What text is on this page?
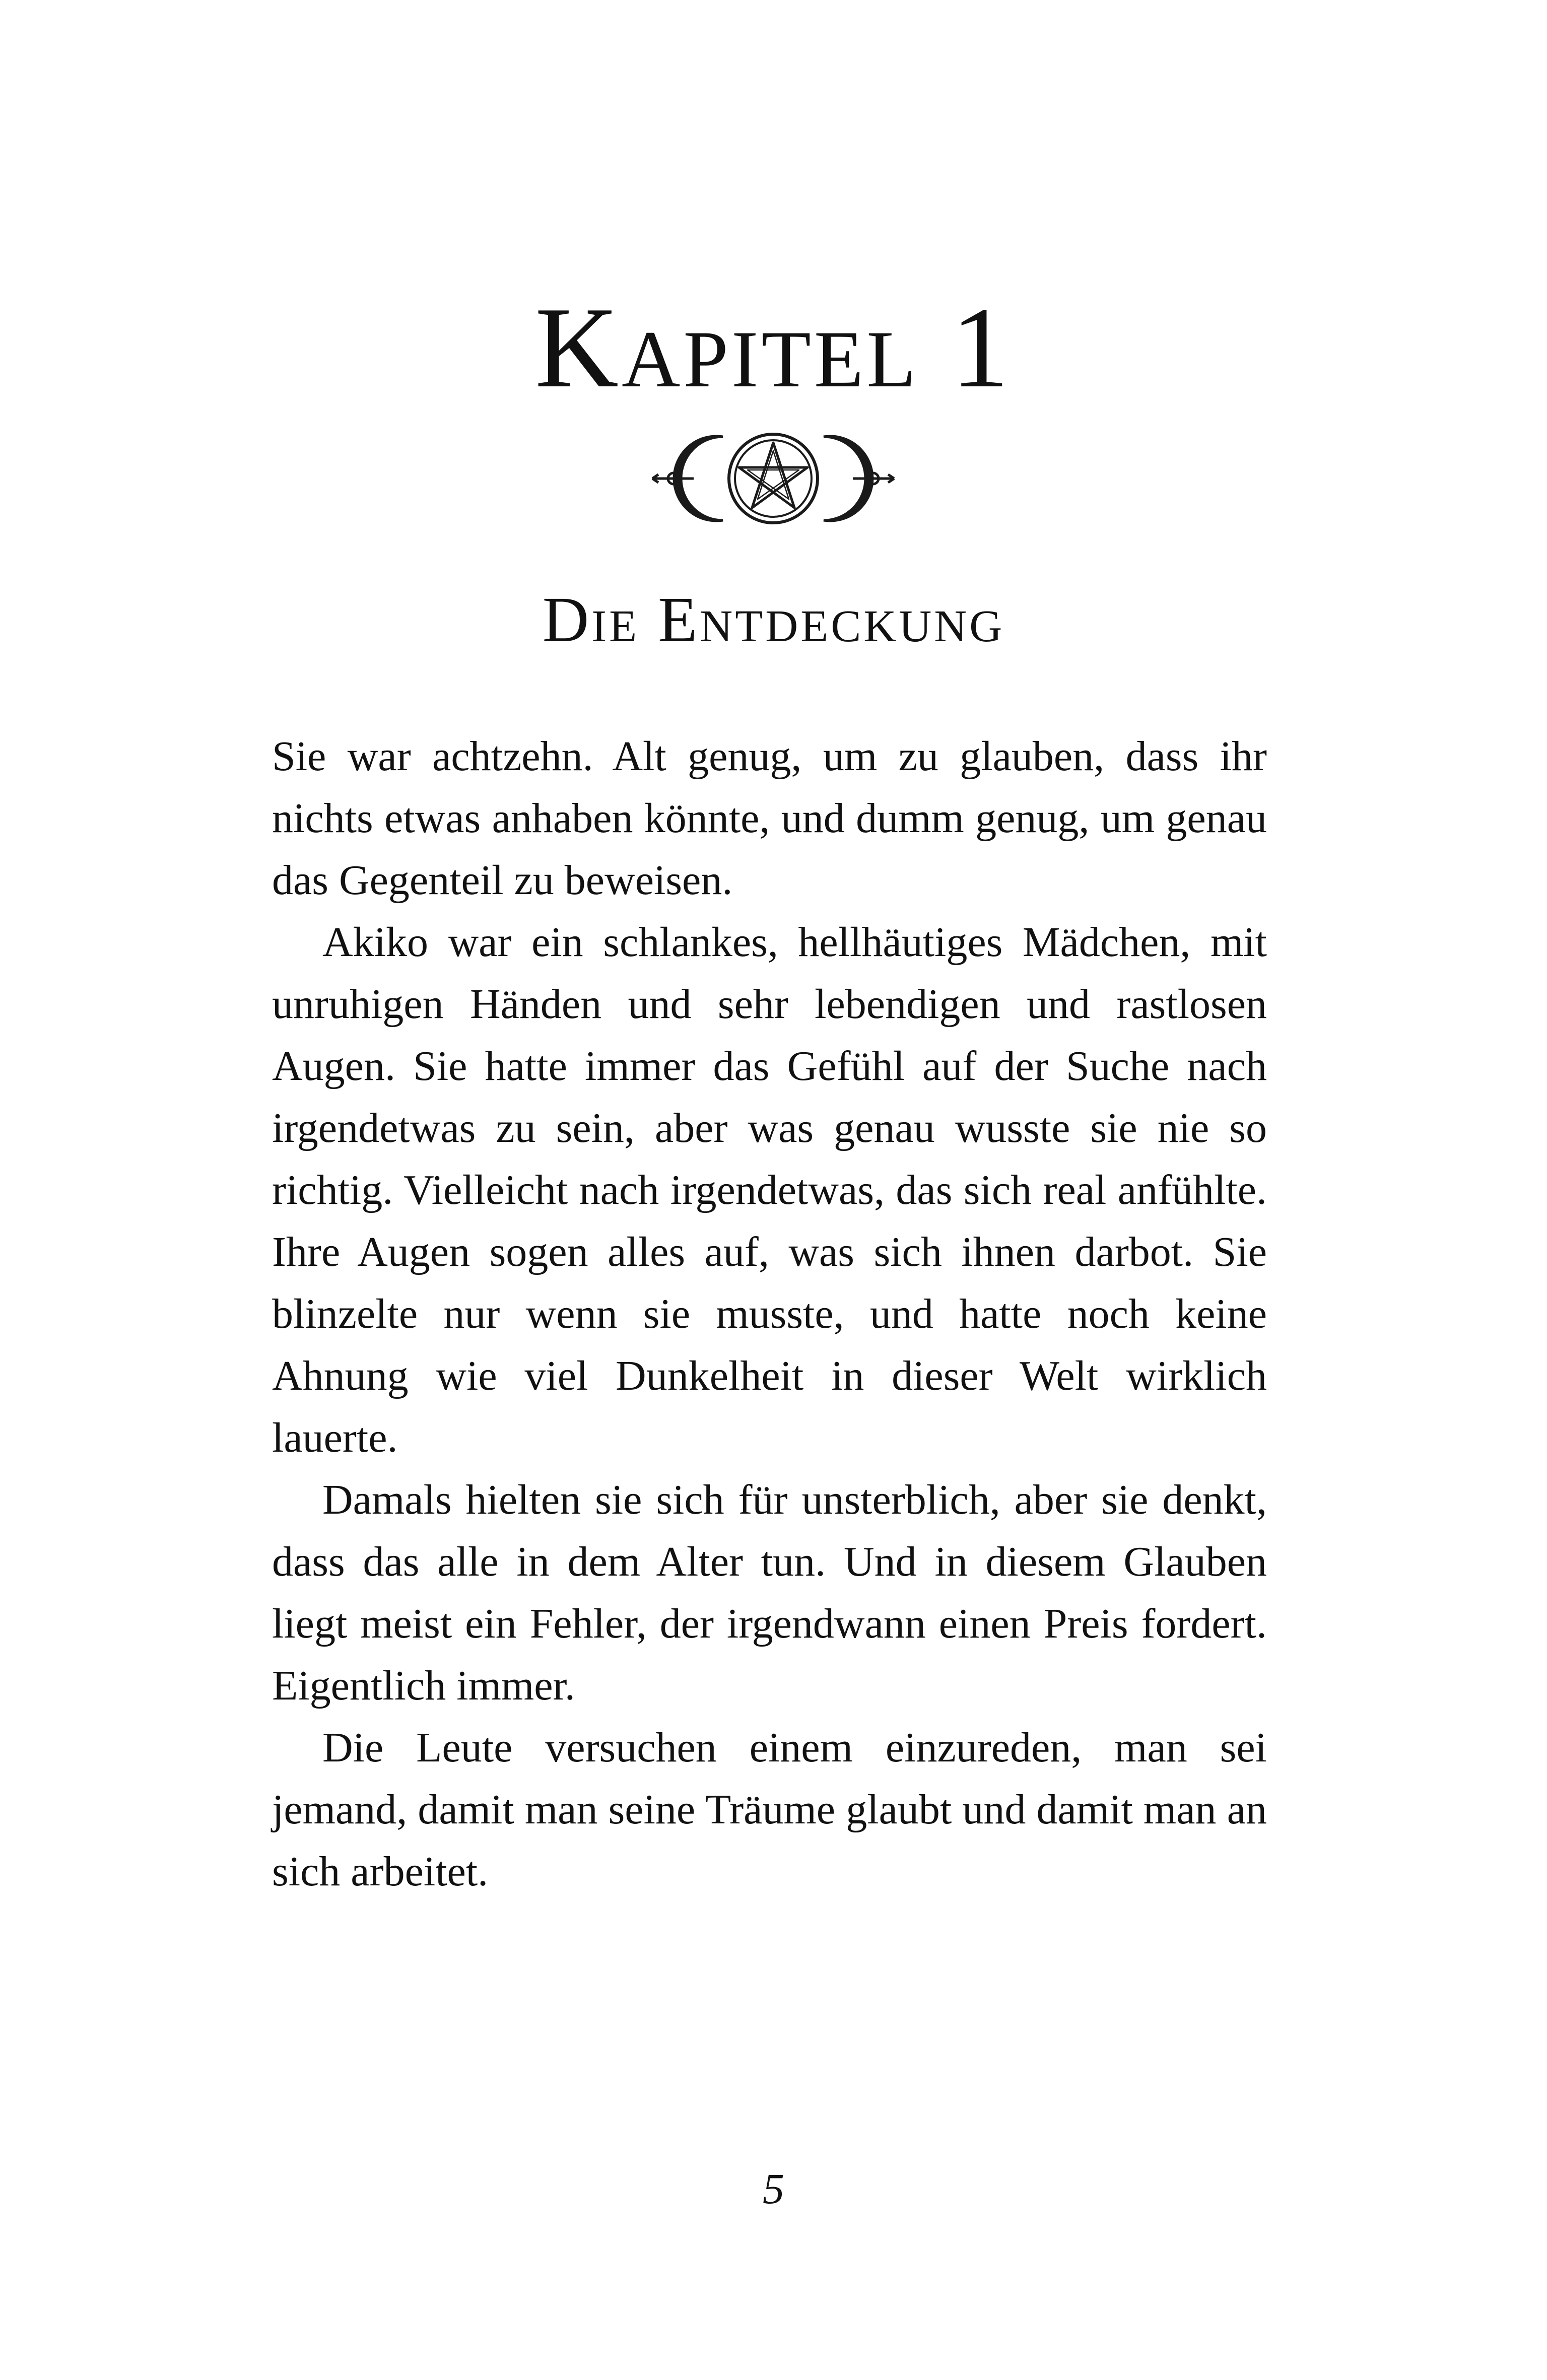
Kapitel 1
Die Entdeckung

Sie war achtzehn. Alt genug, um zu glauben, dass ihr nichts etwas anhaben könnte, und dumm genug, um genau das Gegenteil zu beweisen.

Akiko war ein schlankes, hellhäutiges Mädchen, mit unruhigen Händen und sehr lebendigen und rastlosen Augen. Sie hatte immer das Gefühl auf der Suche nach irgendetwas zu sein, aber was genau wusste sie nie so richtig. Vielleicht nach irgendetwas, das sich real anfühlte. Ihre Augen sogen alles auf, was sich ihnen darbot. Sie blinzelte nur wenn sie musste, und hatte noch keine Ahnung wie viel Dunkelheit in dieser Welt wirklich lauerte.

Damals hielten sie sich für unsterblich, aber sie denkt, dass das alle in dem Alter tun. Und in diesem Glauben liegt meist ein Fehler, der irgendwann einen Preis fordert. Eigentlich immer.

Die Leute versuchen einem einzureden, man sei jemand, damit man seine Träume glaubt und damit man an sich arbeitet.

5
